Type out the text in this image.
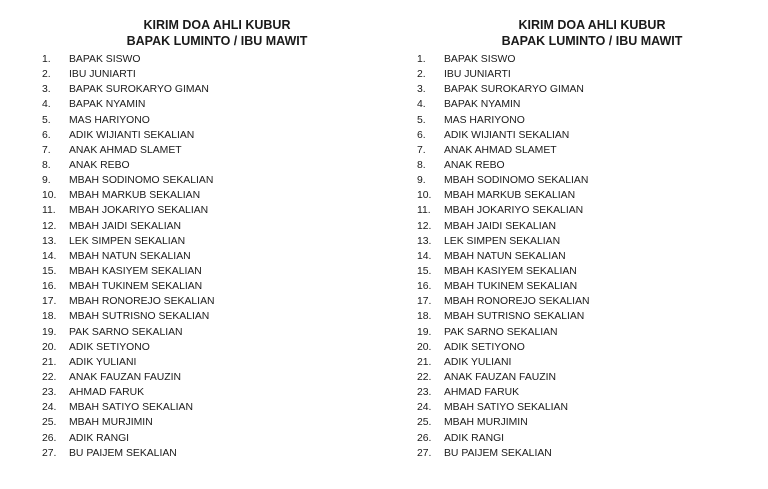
KIRIM DOA AHLI KUBUR
BAPAK LUMINTO / IBU MAWIT
1.	BAPAK SISWO
2.	IBU JUNIARTI
3.	BAPAK SUROKARYO GIMAN
4.	BAPAK NYAMIN
5.	MAS HARIYONO
6.	ADIK WIJIANTI SEKALIAN
7.	ANAK AHMAD SLAMET
8.	ANAK REBO
9.	MBAH SODINOMO SEKALIAN
10.	MBAH MARKUB SEKALIAN
11.	MBAH JOKARIYO SEKALIAN
12.	MBAH JAIDI SEKALIAN
13.	LEK SIMPEN SEKALIAN
14.	MBAH NATUN SEKALIAN
15.	MBAH KASIYEM SEKALIAN
16.	MBAH TUKINEM SEKALIAN
17.	MBAH RONOREJO SEKALIAN
18.	MBAH SUTRISNO SEKALIAN
19.	PAK SARNO SEKALIAN
20.	ADIK SETIYONO
21.	ADIK YULIANI
22.	ANAK FAUZAN FAUZIN
23.	AHMAD FARUK
24.	MBAH SATIYO SEKALIAN
25.	MBAH MURJIMIN
26.	ADIK RANGI
27.	BU PAIJEM SEKALIAN
KIRIM DOA AHLI KUBUR
BAPAK LUMINTO / IBU MAWIT
1.	BAPAK SISWO
2.	IBU JUNIARTI
3.	BAPAK SUROKARYO GIMAN
4.	BAPAK NYAMIN
5.	MAS HARIYONO
6.	ADIK WIJIANTI SEKALIAN
7.	ANAK AHMAD SLAMET
8.	ANAK REBO
9.	MBAH SODINOMO SEKALIAN
10.	MBAH MARKUB SEKALIAN
11.	MBAH JOKARIYO SEKALIAN
12.	MBAH JAIDI SEKALIAN
13.	LEK SIMPEN SEKALIAN
14.	MBAH NATUN SEKALIAN
15.	MBAH KASIYEM SEKALIAN
16.	MBAH TUKINEM SEKALIAN
17.	MBAH RONOREJO SEKALIAN
18.	MBAH SUTRISNO SEKALIAN
19.	PAK SARNO SEKALIAN
20.	ADIK SETIYONO
21.	ADIK YULIANI
22.	ANAK FAUZAN FAUZIN
23.	AHMAD FARUK
24.	MBAH SATIYO SEKALIAN
25.	MBAH MURJIMIN
26.	ADIK RANGI
27.	BU PAIJEM SEKALIAN
